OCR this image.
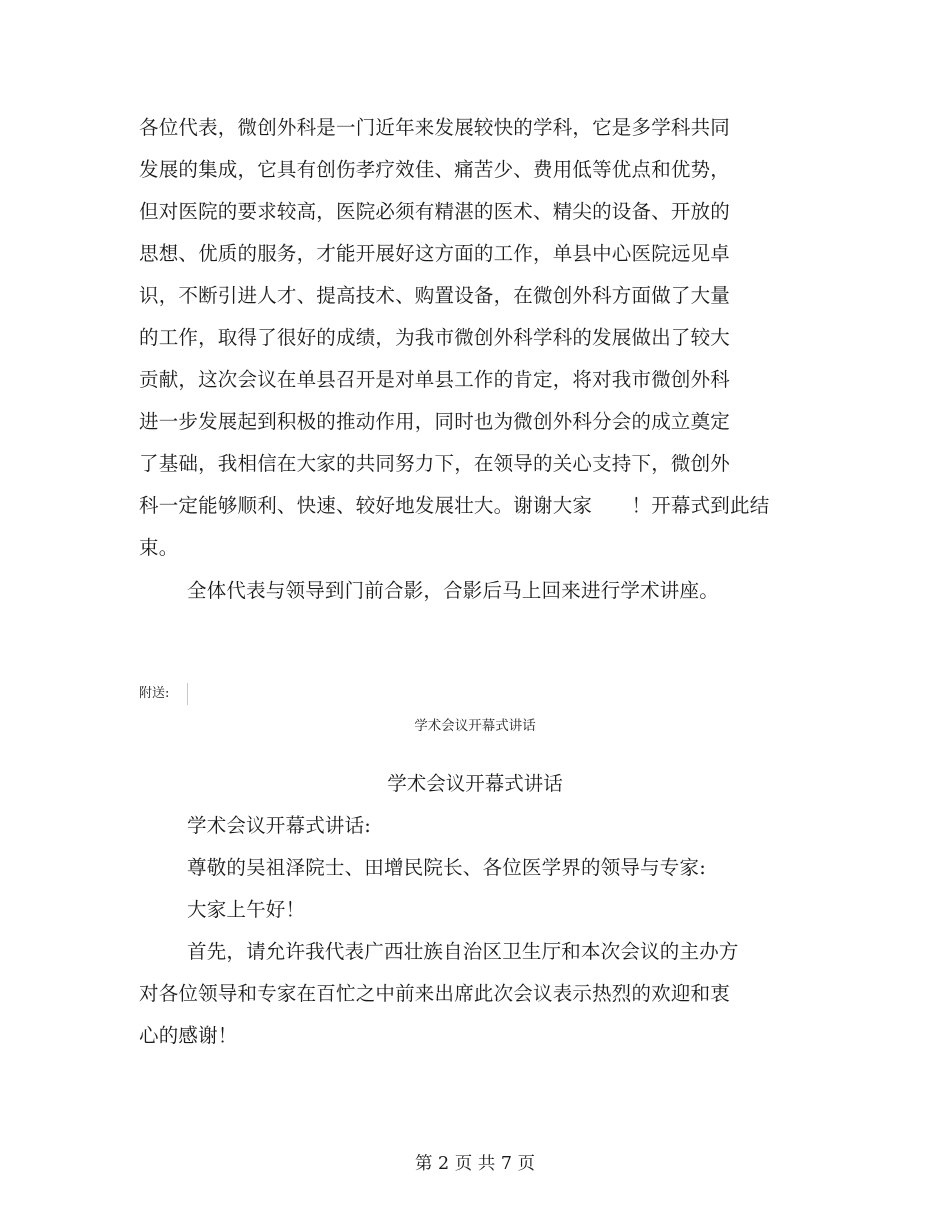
各位代表，微创外科是一门近年来发展较快的学科，它是多学科共同
发展的集成，它具有创伤孝疗效佳、痛苦少、费用低等优点和优势，
但对医院的要求较高，医院必须有精湛的医术、精尖的设备、开放的
思想、优质的服务，才能开展好这方面的工作，单县中心医院远见卓
识，不断引进人才、提高技术、购置设备，在微创外科方面做了大量
的工作，取得了很好的成绩，为我市微创外科学科的发展做出了较大
贡献，这次会议在单县召开是对单县工作的肯定，将对我市微创外科
进一步发展起到积极的推动作用，同时也为微创外科分会的成立奠定
了基础，我相信在大家的共同努力下，在领导的关心支持下，微创外
科一定能够顺利、快速、较好地发展壮大。谢谢大家　　！开幕式到此结
束。
全体代表与领导到门前合影，合影后马上回来进行学术讲座。
附送:
学术会议开幕式讲话
学术会议开幕式讲话
学术会议开幕式讲话:
尊敬的吴祖泽院士、田增民院长、各位医学界的领导与专家:
大家上午好！
首先，请允许我代表广西壮族自治区卫生厅和本次会议的主办方
对各位领导和专家在百忙之中前来出席此次会议表示热烈的欢迎和衷
心的感谢！
第 2 页 共 7 页
